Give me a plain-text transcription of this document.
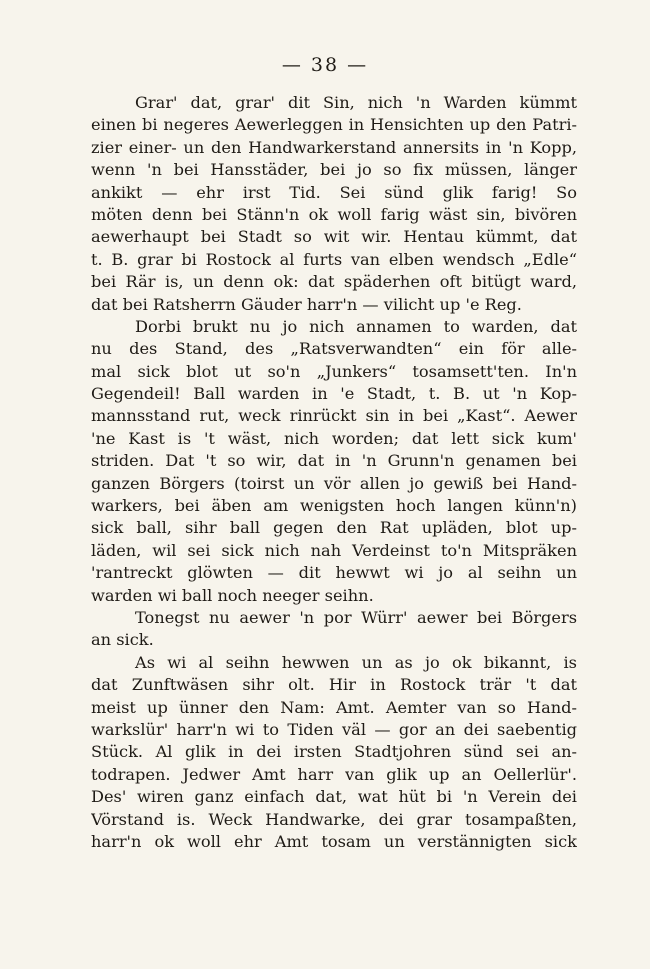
— 38 —
Grar' dat, grar' dit Sin, nich 'n Warden kümmt
einen bi negeres Aewerleggen in Hensichten up den Patri-
zier einer- un den Handwarkerstand annersits in 'n Kopp,
wenn 'n bei Hansstäder, bei jo so fix müssen, länger
ankikt — ehr irst Tid. Sei sünd glik farig! So
möten denn bei Stänn'n ok woll farig wäst sin, bivören
aewerhaupt bei Stadt so wit wir. Hentau kümmt, dat
t. B. grar bi Rostock al furts van elben wendsch „Edle“
bei Rär is, un denn ok: dat späderhen oft bitügt ward,
dat bei Ratsherrn Gäuder harr'n — vilicht up 'e Reg.
Dorbi brukt nu jo nich annamen to warden, dat
nu des Stand, des „Ratsverwandten“ ein för alle-
mal sick blot ut so'n „Junkers“ tosamsett'ten. In'n
Gegendeil! Ball warden in 'e Stadt, t. B. ut 'n Kop-
mannsstand rut, weck rinrückt sin in bei „Kast“. Aewer
'ne Kast is 't wäst, nich worden; dat lett sick kum'
striden. Dat 't so wir, dat in 'n Grunn'n genamen bei
ganzen Börgers (toirst un vör allen jo gewiß bei Hand-
warkers, bei äben am wenigsten hoch langen künn'n)
sick ball, sihr ball gegen den Rat upläden, blot up-
läden, wil sei sick nich nah Verdeinst to'n Mitspräken
'rantreckt glöwten — dit hewwt wi jo al seihn un
warden wi ball noch neeger seihn.
Tonegst nu aewer 'n por Würr' aewer bei Börgers
an sick.
As wi al seihn hewwen un as jo ok bikannt, is
dat Zunftwäsen sihr olt. Hir in Rostock trär 't dat
meist up ünner den Nam: Amt. Aemter van so Hand-
warkslür' harr'n wi to Tiden väl — gor an dei saebentig
Stück. Al glik in dei irsten Stadtjohren sünd sei an-
todrapen. Jedwer Amt harr van glik up an Oellerlür'.
Des' wiren ganz einfach dat, wat hüt bi 'n Verein dei
Vörstand is. Weck Handwarke, dei grar tosampaßten,
harr'n ok woll ehr Amt tosam un verstännigten sick
